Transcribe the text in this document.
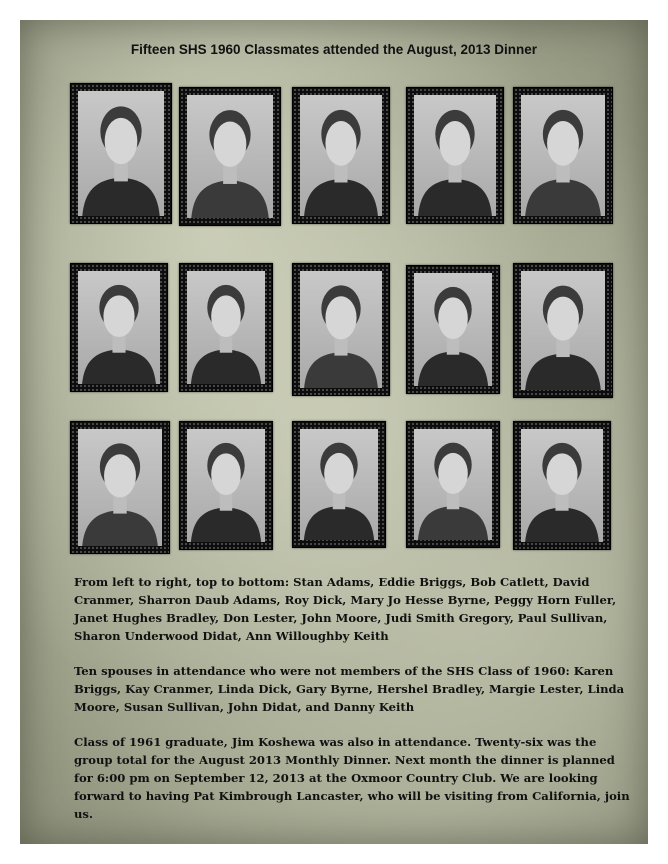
Fifteen SHS 1960 Classmates attended the August, 2013 Dinner
From left to right, top to bottom: Stan Adams, Eddie Briggs, Bob Catlett, David Cranmer, Sharron Daub Adams, Roy Dick, Mary Jo Hesse Byrne, Peggy Horn Fuller, Janet Hughes Bradley, Don Lester, John Moore, Judi Smith Gregory, Paul Sullivan, Sharon Underwood Didat, Ann Willoughby Keith
Ten spouses in attendance who were not members of the SHS Class of 1960: Karen Briggs, Kay Cranmer, Linda Dick, Gary Byrne, Hershel Bradley, Margie Lester, Linda Moore, Susan Sullivan, John Didat, and Danny Keith
Class of 1961 graduate, Jim Koshewa was also in attendance. Twenty-six was the group total for the August 2013 Monthly Dinner. Next month the dinner is planned for 6:00 pm on September 12, 2013 at the Oxmoor Country Club. We are looking forward to having Pat Kimbrough Lancaster, who will be visiting from California, join us.
